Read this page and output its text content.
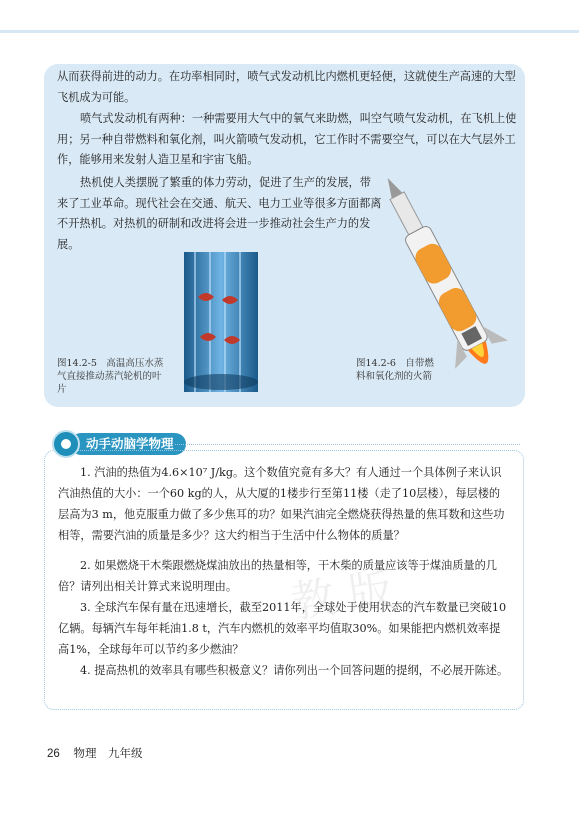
从而获得前进的动力。在功率相同时，喷气式发动机比内燃机更轻便，这就使生产高速的大型飞机成为可能。

喷气式发动机有两种：一种需要用大气中的氧气来助燃，叫空气喷气发动机，在飞机上使用；另一种自带燃料和氧化剂，叫火箭喷气发动机，它工作时不需要空气，可以在大气层外工作，能够用来发射人造卫星和宇宙飞船。

热机使人类摆脱了繁重的体力劳动，促进了生产的发展，带来了工业革命。现代社会在交通、航天、电力工业等很多方面都离不开热机。对热机的研制和改进将会进一步推动社会生产力的发展。

图14.2-5　高温高压水蒸气直接推动蒸汽轮机的叶片
图14.2-6　自带燃料和氧化剂的火箭
动手动脑学物理

1. 汽油的热值为4.6×10⁷ J/kg。这个数值究竟有多大？有人通过一个具体例子来认识汽油热值的大小：一个60 kg的人，从大厦的1楼步行至第11楼（走了10层楼），每层楼的层高为3 m，他克服重力做了多少焦耳的功？如果汽油完全燃烧获得热量的焦耳数和这些功相等，需要汽油的质量是多少？这大约相当于生活中什么物体的质量？

2. 如果燃烧干木柴跟燃烧煤油放出的热量相等，干木柴的质量应该等于煤油质量的几倍？请列出相关计算式来说明理由。

3. 全球汽车保有量在迅速增长，截至2011年，全球处于使用状态的汽车数量已突破10亿辆。每辆汽车每年耗油1.8 t，汽车内燃机的效率平均值取30%。如果能把内燃机效率提高1%，全球每年可以节约多少燃油？

4. 提高热机的效率具有哪些积极意义？请你列出一个回答问题的提纲，不必展开陈述。

教 版
26 物理　九年级
